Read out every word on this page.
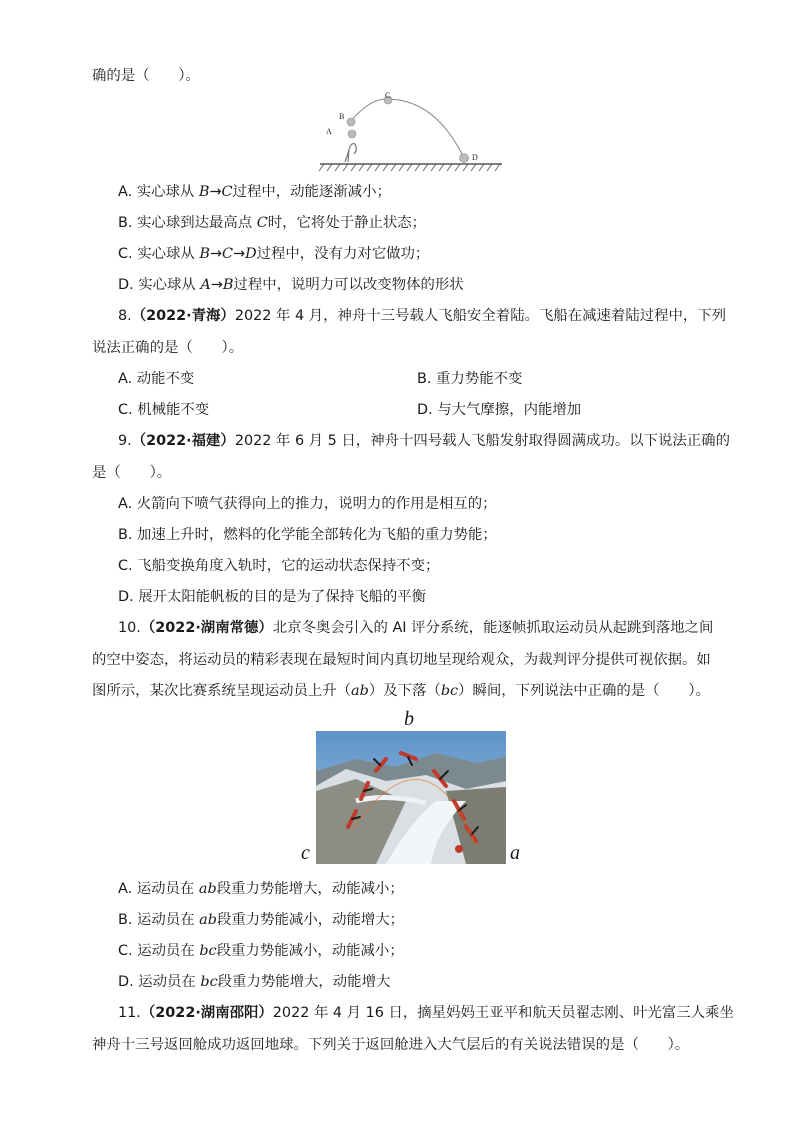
确的是（　　）。
A
B
C
D
A. 实心球从 B→C过程中，动能逐渐减小；
B. 实心球到达最高点 C时，它将处于静止状态；
C. 实心球从 B→C→D过程中，没有力对它做功；
D. 实心球从 A→B过程中，说明力可以改变物体的形状
8.（2022·青海）2022 年 4 月，神舟十三号载人飞船安全着陆。飞船在减速着陆过程中，下列
说法正确的是（　　）。
A. 动能不变	B. 重力势能不变
C. 机械能不变	D. 与大气摩擦，内能增加
9.（2022·福建）2022 年 6 月 5 日，神舟十四号载人飞船发射取得圆满成功。以下说法正确的
是（　　）。
A. 火箭向下喷气获得向上的推力，说明力的作用是相互的；
B. 加速上升时，燃料的化学能全部转化为飞船的重力势能；
C. 飞船变换角度入轨时，它的运动状态保持不变；
D. 展开太阳能帆板的目的是为了保持飞船的平衡
10.（2022·湖南常德）北京冬奥会引入的 AI 评分系统，能逐帧抓取运动员从起跳到落地之间
的空中姿态，将运动员的精彩表现在最短时间内真切地呈现给观众，为裁判评分提供可视依据。如
图所示，某次比赛系统呈现运动员上升（ab）及下落（bc）瞬间，下列说法中正确的是（　　）。
b
c	a
A. 运动员在 ab段重力势能增大，动能减小；
B. 运动员在 ab段重力势能减小，动能增大；
C. 运动员在 bc段重力势能减小，动能减小；
D. 运动员在 bc段重力势能增大，动能增大
11.（2022·湖南邵阳）2022 年 4 月 16 日，摘星妈妈王亚平和航天员翟志刚、叶光富三人乘坐
神舟十三号返回舱成功返回地球。下列关于返回舱进入大气层后的有关说法错误的是（　　）。
